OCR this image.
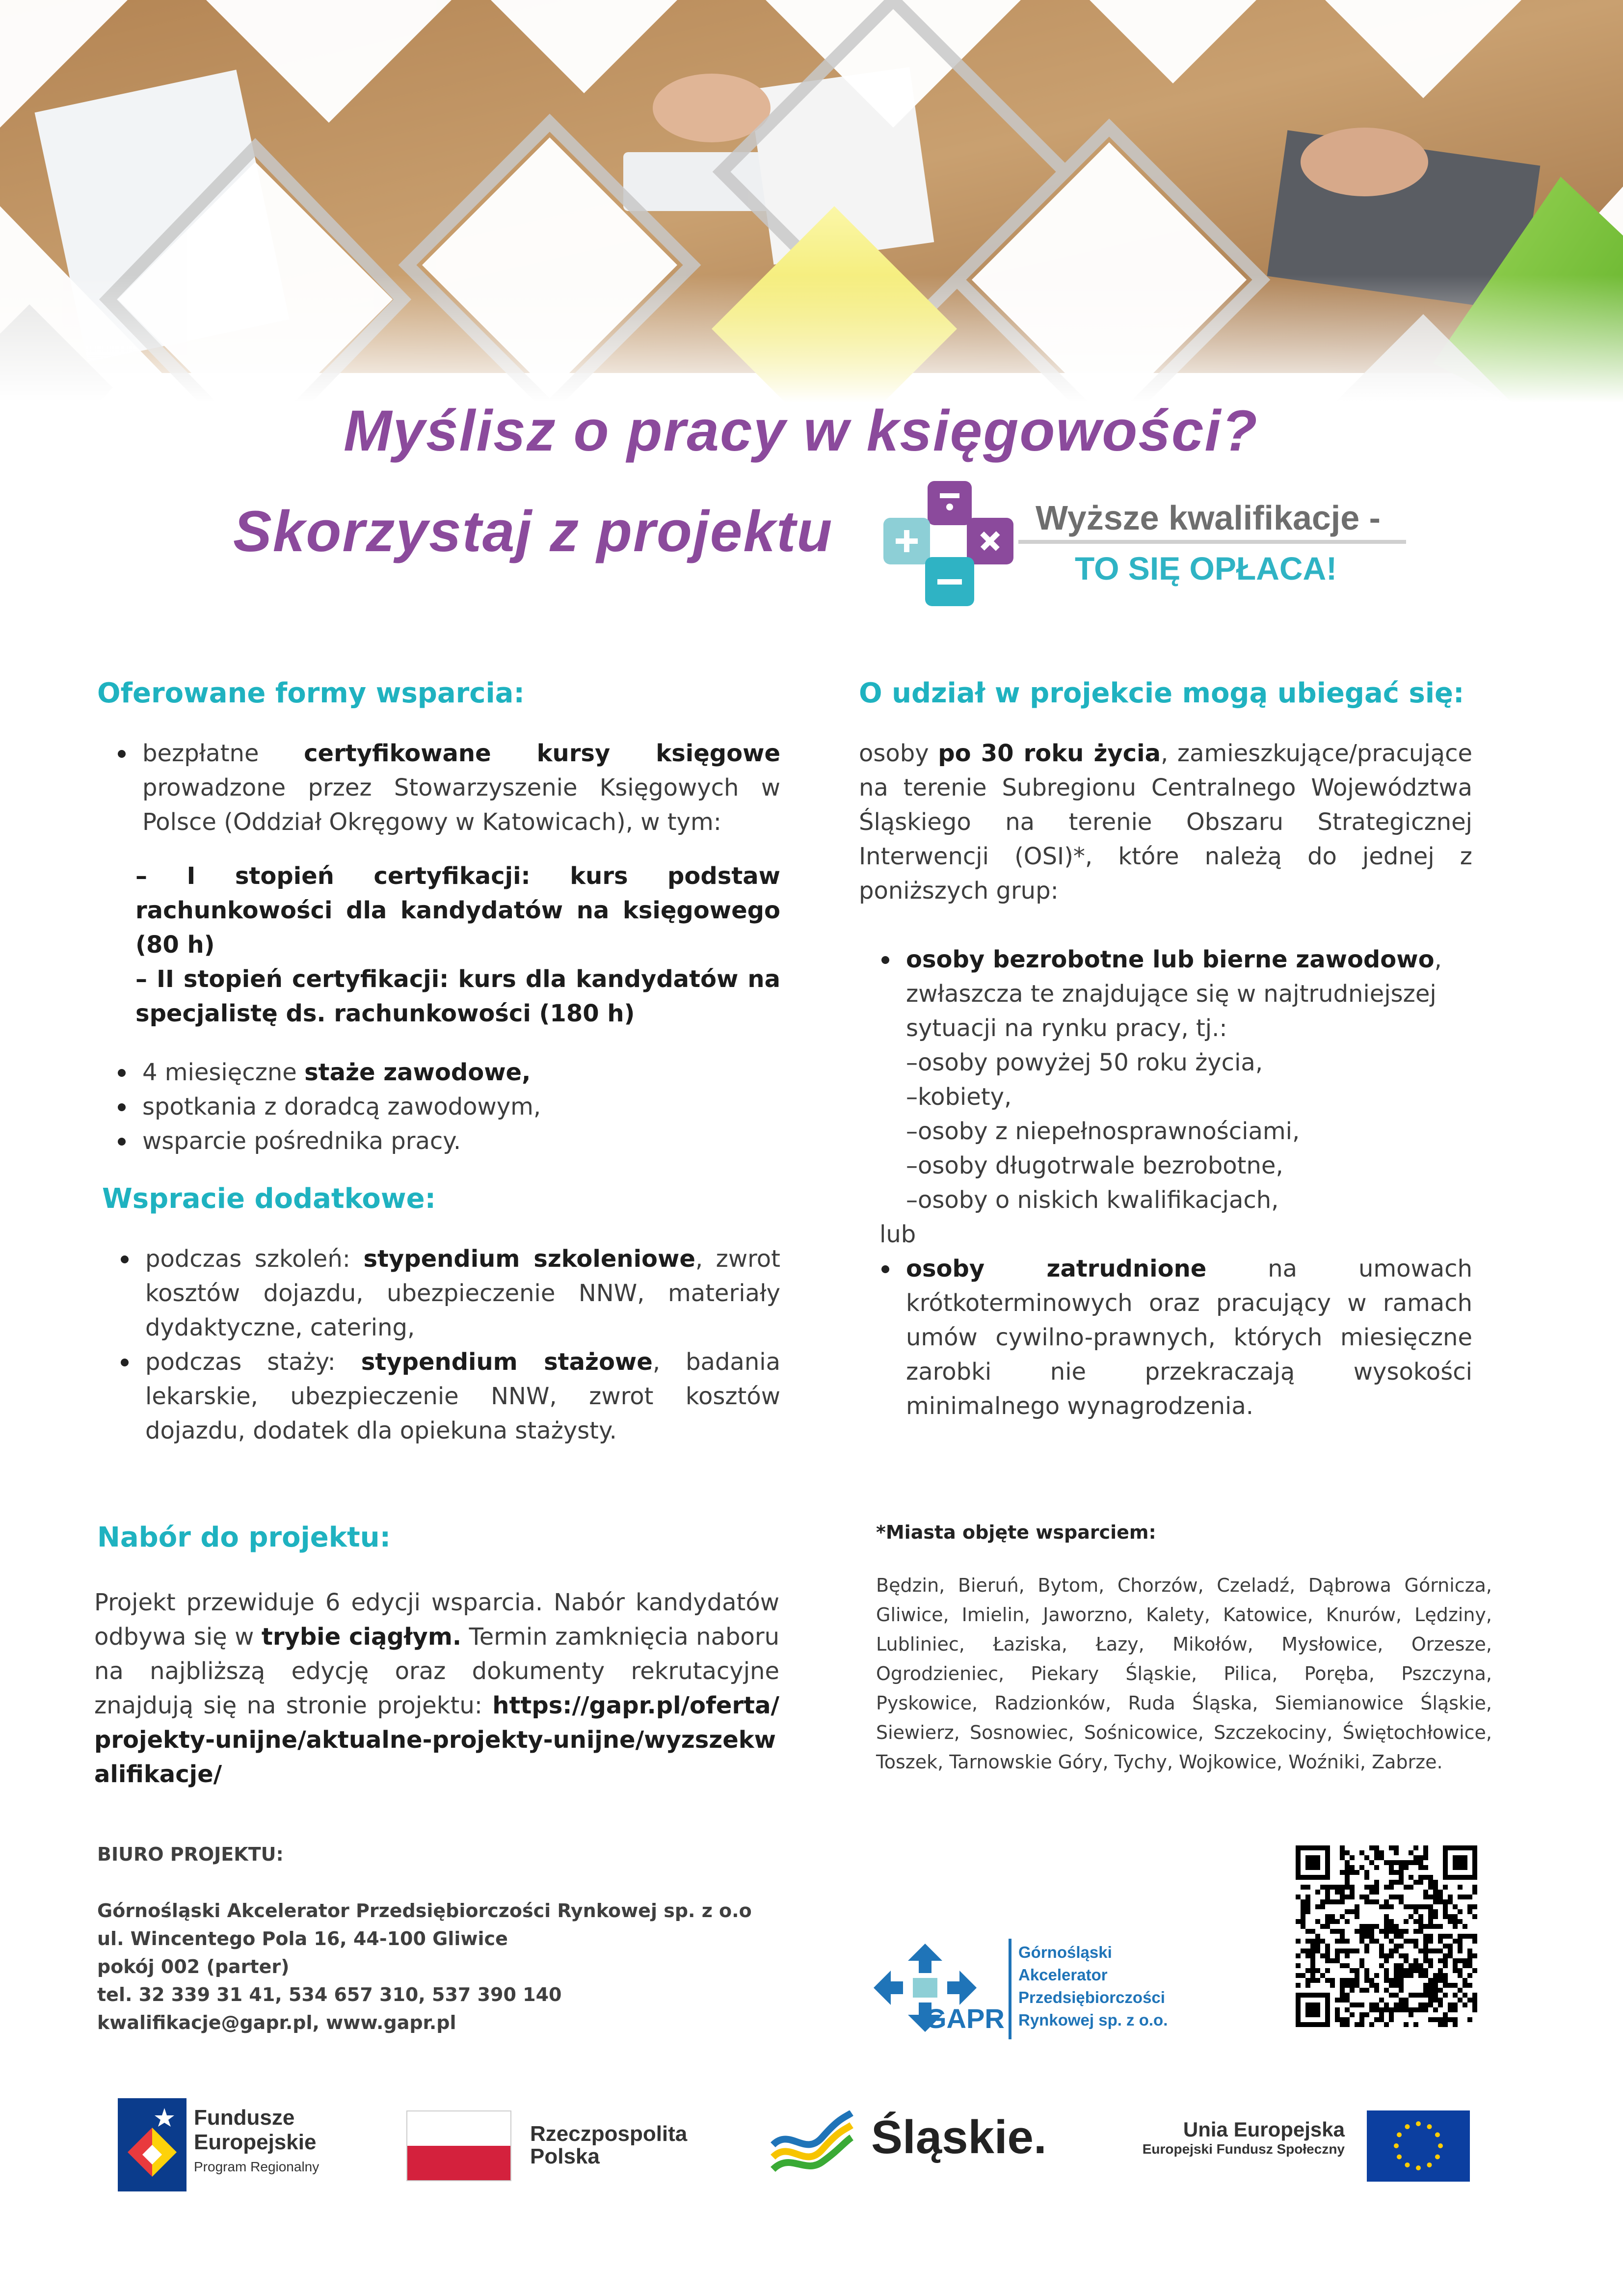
Myślisz o pracy w księgowości?
Skorzystaj z projektu	Wyższe kwalifikacje -
TO SIĘ OPŁACA!
Oferowane formy wsparcia:
bezpłatne certyfikowane kursy księgowe prowadzone przez Stowarzyszenie Księgowych w Polsce (Oddział Okręgowy w Katowicach), w tym:
– I stopień certyfikacji: kurs podstaw rachunkowości dla kandydatów na księgowego (80 h)
– II stopień certyfikacji: kurs dla kandydatów na specjalistę ds. rachunkowości (180 h)
4 miesięczne staże zawodowe,
spotkania z doradcą zawodowym,
wsparcie pośrednika pracy.
Wspracie dodatkowe:
podczas szkoleń: stypendium szkoleniowe, zwrot kosztów dojazdu, ubezpieczenie NNW, materiały dydaktyczne, catering,
podczas staży: stypendium stażowe, badania lekarskie, ubezpieczenie NNW, zwrot kosztów dojazdu, dodatek dla opiekuna stażysty.
O udział w projekcie mogą ubiegać się:
osoby po 30 roku życia, zamieszkujące/pracujące na terenie Subregionu Centralnego Województwa Śląskiego na terenie Obszaru Strategicznej Interwencji (OSI)*, które należą do jednej z poniższych grup:
osoby bezrobotne lub bierne zawodowo, zwłaszcza te znajdujące się w najtrudniejszej sytuacji na rynku pracy, tj.:
–osoby powyżej 50 roku życia,
–kobiety,
–osoby z niepełnosprawnościami,
–osoby długotrwale bezrobotne,
–osoby o niskich kwalifikacjach,
lub
osoby zatrudnione na umowach krótkoterminowych oraz pracujący w ramach umów cywilno-prawnych, których miesięczne zarobki nie przekraczają wysokości minimalnego wynagrodzenia.
Nabór do projektu:
Projekt przewiduje 6 edycji wsparcia. Nabór kandydatów odbywa się w trybie ciągłym. Termin zamknięcia naboru na najbliższą edycję oraz dokumenty rekrutacyjne znajdują się na stronie projektu: https://gapr.pl/oferta/projekty-unijne/aktualne-projekty-unijne/wyzszekwalifikacje/
*Miasta objęte wsparciem:
Będzin, Bieruń, Bytom, Chorzów, Czeladź, Dąbrowa Górnicza, Gliwice, Imielin, Jaworzno, Kalety, Katowice, Knurów, Lędziny, Lubliniec, Łaziska, Łazy, Mikołów, Mysłowice, Orzesze, Ogrodzieniec, Piekary Śląskie, Pilica, Poręba, Pszczyna, Pyskowice, Radzionków, Ruda Śląska, Siemianowice Śląskie, Siewierz, Sosnowiec, Sośnicowice, Szczekociny, Świętochłowice, Toszek, Tarnowskie Góry, Tychy, Wojkowice, Woźniki, Zabrze.
BIURO PROJEKTU:
Górnośląski Akcelerator Przedsiębiorczości Rynkowej sp. z o.o
ul. Wincentego Pola 16, 44-100 Gliwice
pokój 002 (parter)
tel. 32 339 31 41, 534 657 310, 537 390 140
kwalifikacje@gapr.pl, www.gapr.pl	GAPR
Górnośląski
Akcelerator
Przedsiębiorczości
Rynkowej sp. z o.o.
Fundusze
Europejskie
Program Regionalny
Rzeczpospolita
Polska	Śląskie.	Unia Europejska
Europejski Fundusz Społeczny
